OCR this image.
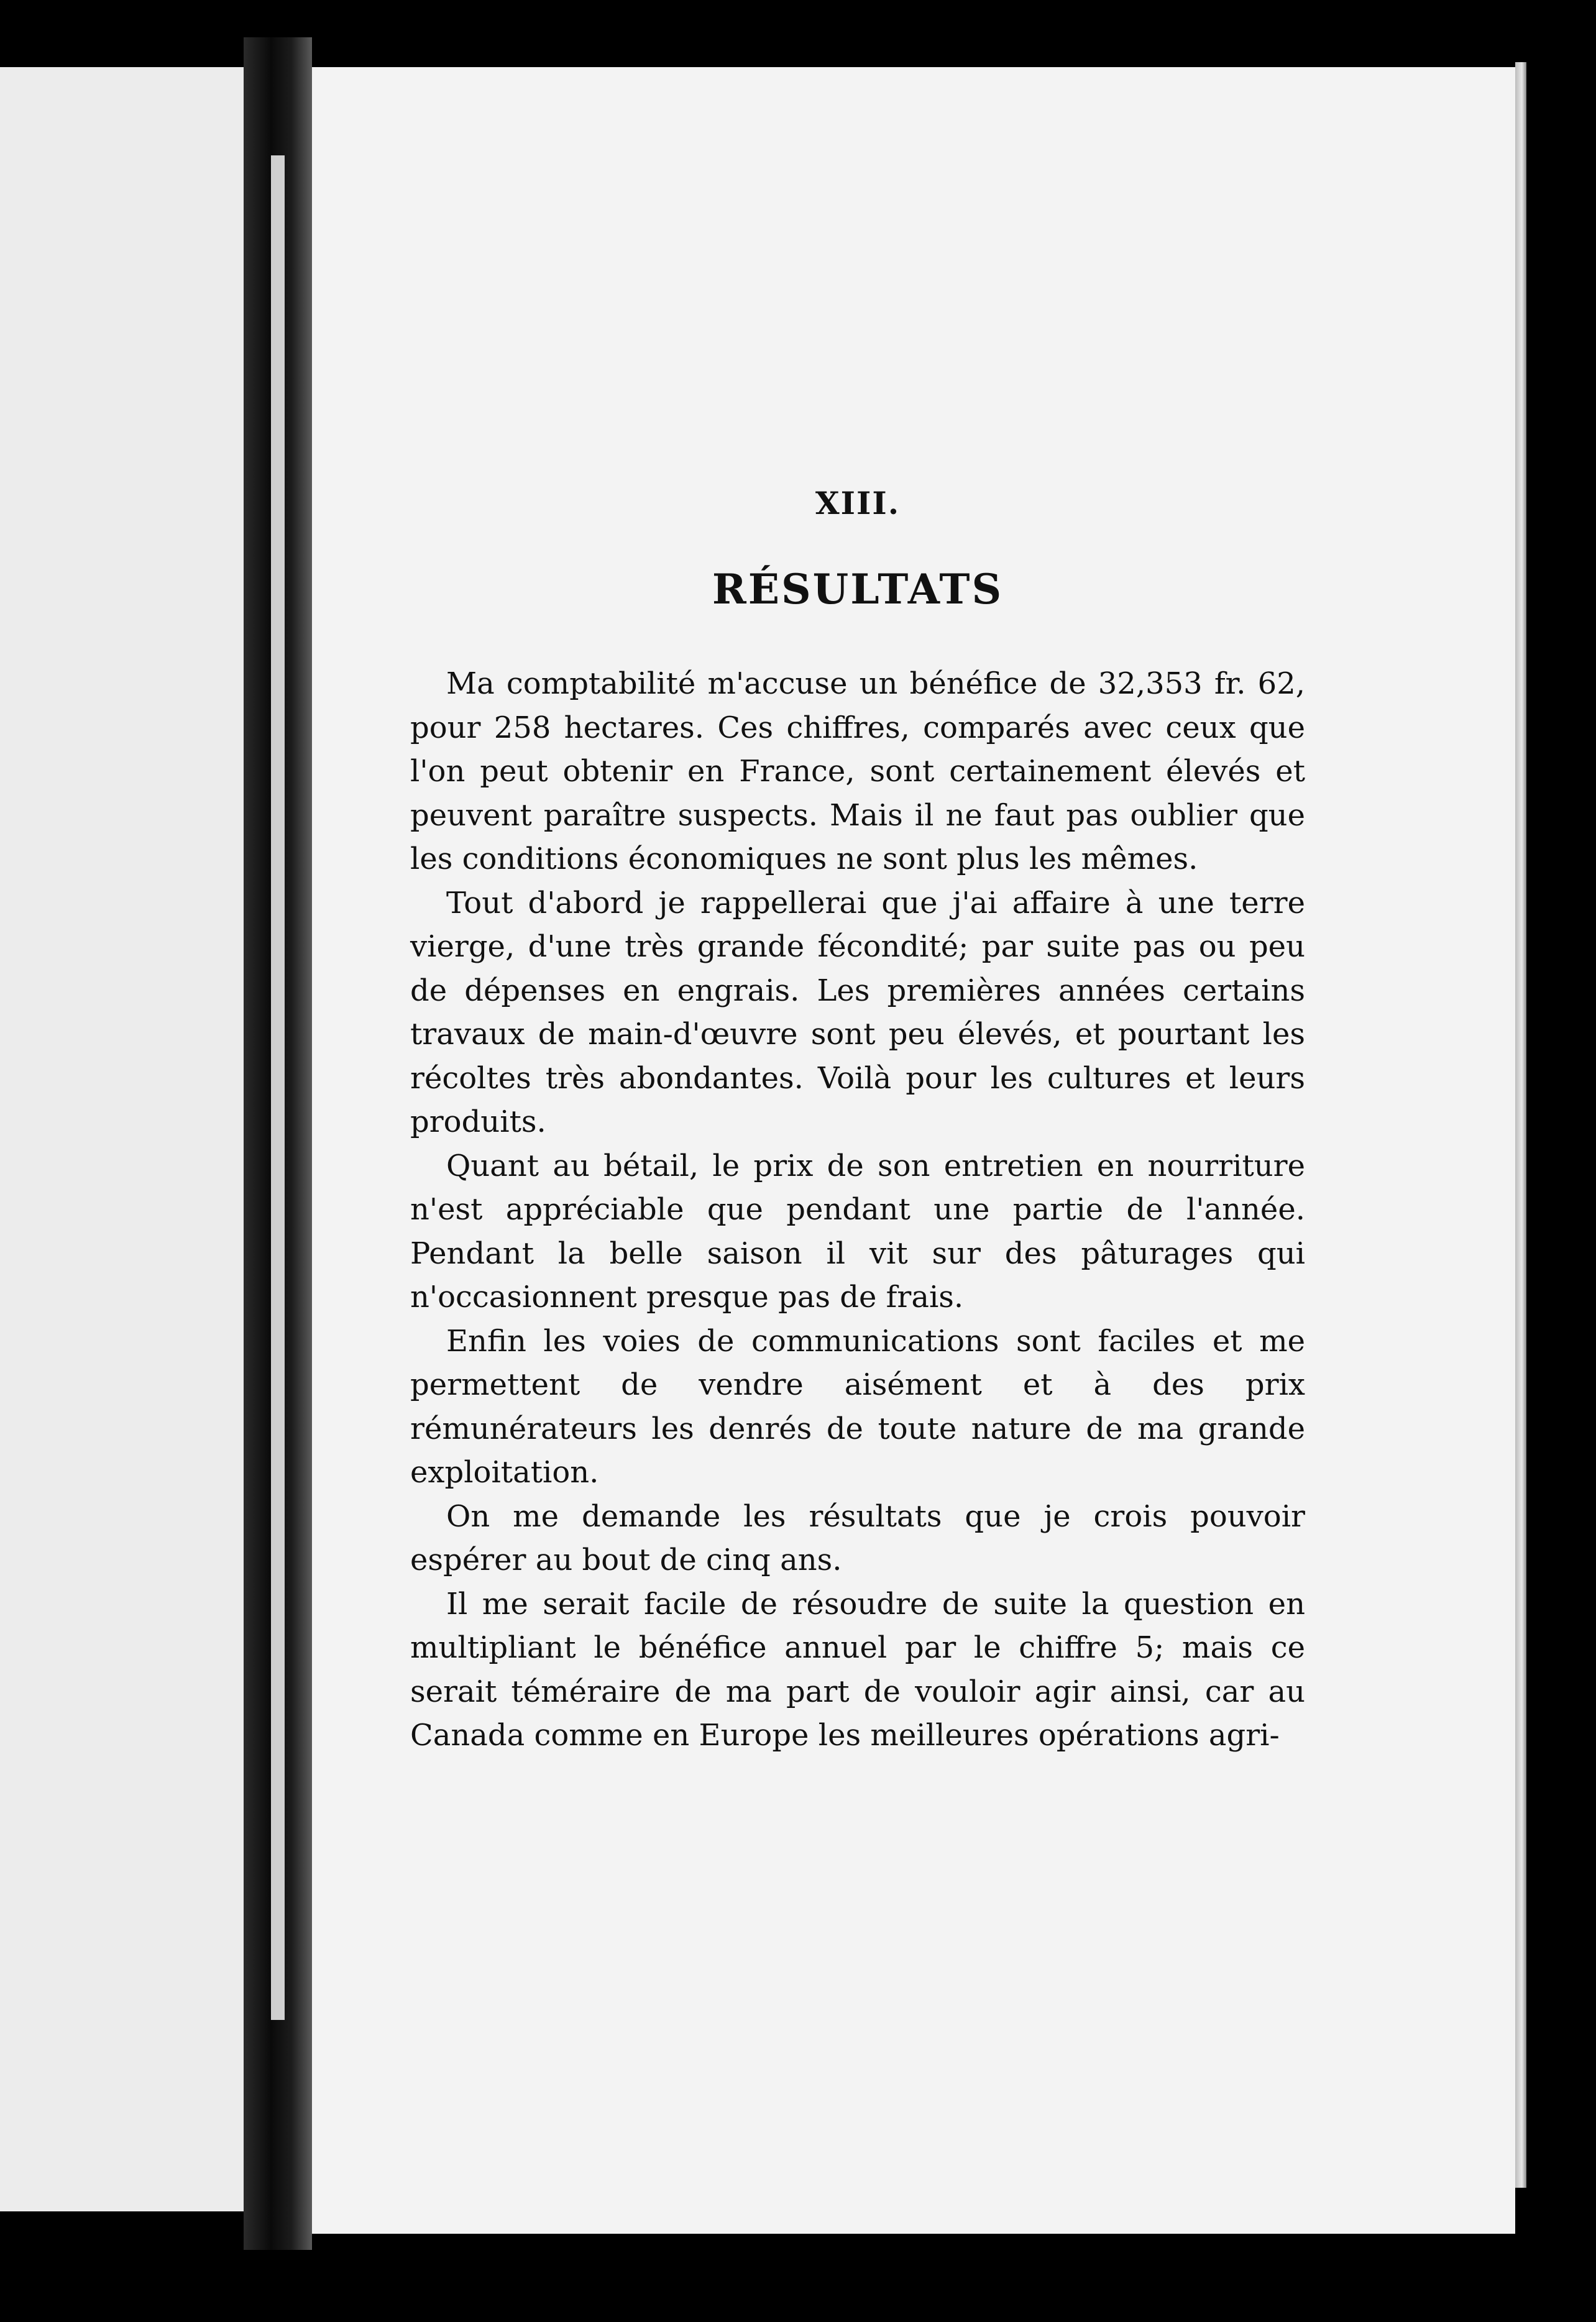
XIII.
RÉSULTATS

Ma comptabilité m'accuse un bénéfice de 32,353 fr. 62, pour 258 hectares. Ces chiffres, comparés avec ceux que l'on peut obtenir en France, sont certainement élevés et peuvent paraître suspects. Mais il ne faut pas oublier que les conditions économiques ne sont plus les mêmes.

Tout d'abord je rappellerai que j'ai affaire à une terre vierge, d'une très grande fécondité; par suite pas ou peu de dépenses en engrais. Les premières années certains travaux de main-d'œuvre sont peu élevés, et pourtant les récoltes très abondantes. Voilà pour les cultures et leurs produits.

Quant au bétail, le prix de son entretien en nourriture n'est appréciable que pendant une partie de l'année. Pendant la belle saison il vit sur des pâturages qui n'occasionnent presque pas de frais.

Enfin les voies de communications sont faciles et me permettent de vendre aisément et à des prix rémunérateurs les denrés de toute nature de ma grande exploitation.

On me demande les résultats que je crois pouvoir espérer au bout de cinq ans.

Il me serait facile de résoudre de suite la question en multipliant le bénéfice annuel par le chiffre 5; mais ce serait téméraire de ma part de vouloir agir ainsi, car au Canada comme en Europe les meilleures opérations agri-
